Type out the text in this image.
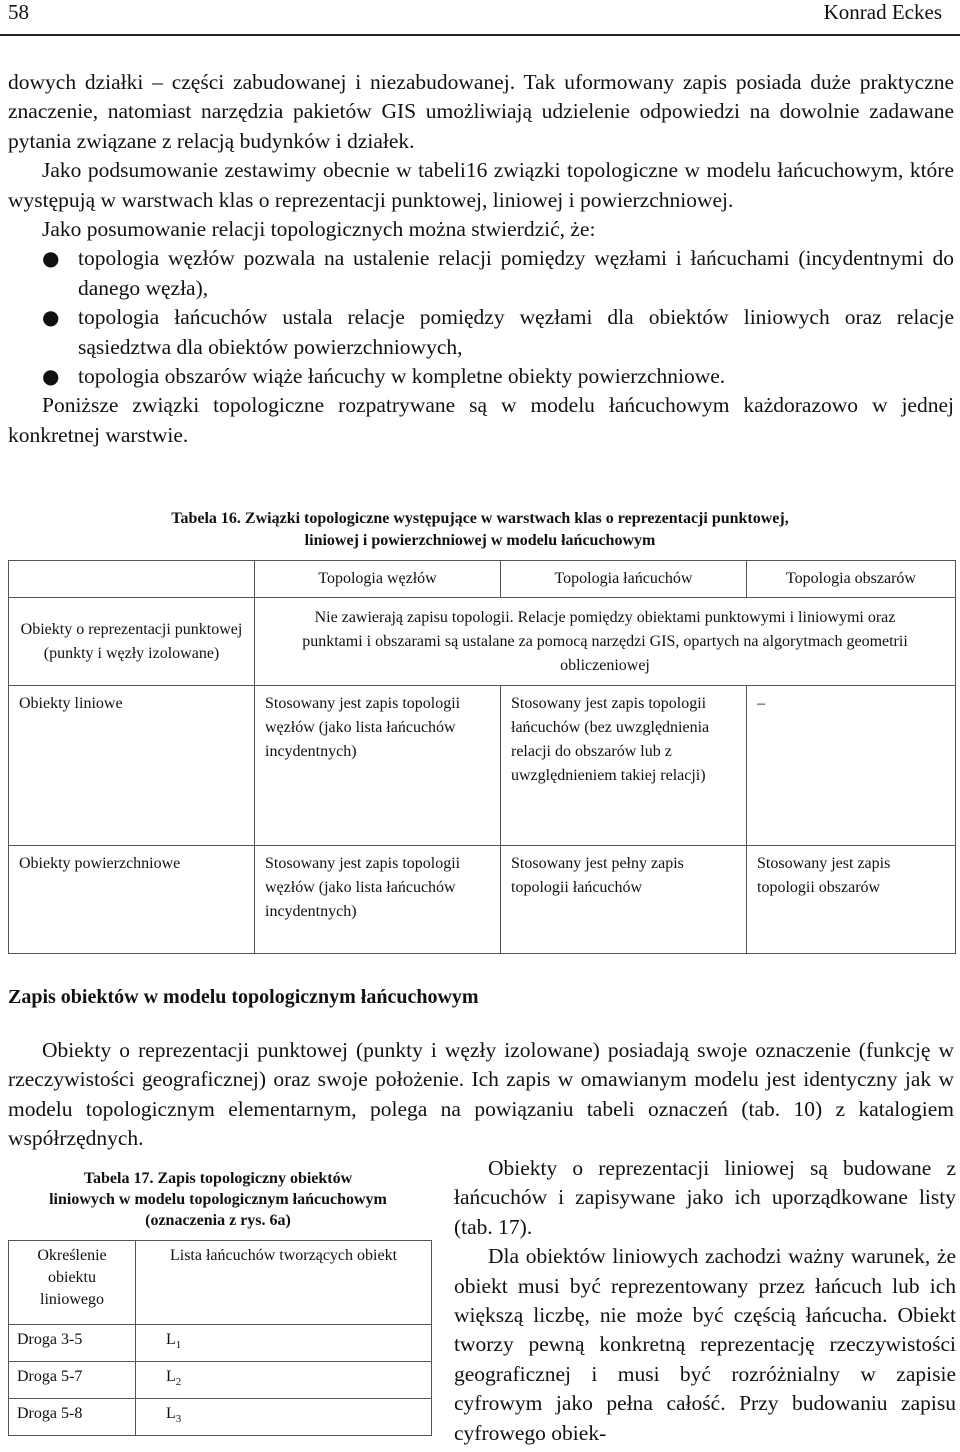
58	Konrad Eckes

dowych działki – części zabudowanej i niezabudowanej. Tak uformowany zapis posiada duże praktyczne znaczenie, natomiast narzędzia pakietów GIS umożliwiają udzielenie odpowiedzi na dowolnie zadawane pytania związane z relacją budynków i działek.

Jako podsumowanie zestawimy obecnie w tabeli16 związki topologiczne w modelu łańcuchowym, które występują w warstwach klas o reprezentacji punktowej, liniowej i powierzchniowej.

Jako posumowanie relacji topologicznych można stwierdzić, że:

● topologia węzłów pozwala na ustalenie relacji pomiędzy węzłami i łańcuchami (incydentnymi do danego węzła),
● topologia łańcuchów ustala relacje pomiędzy węzłami dla obiektów liniowych oraz relacje sąsiedztwa dla obiektów powierzchniowych,
● topologia obszarów wiąże łańcuchy w kompletne obiekty powierzchniowe.

Poniższe związki topologiczne rozpatrywane są w modelu łańcuchowym każdorazowo w jednej konkretnej warstwie.

Tabela 16. Związki topologiczne występujące w warstwach klas o reprezentacji punktowej,
liniowej i powierzchniowej w modelu łańcuchowym
	Topologia węzłów	Topologia łańcuchów	Topologia obszarów
Obiekty o reprezentacji punktowej (punkty i węzły izolowane)	Nie zawierają zapisu topologii. Relacje pomiędzy obiektami punktowymi i liniowymi oraz punktami i obszarami są ustalane za pomocą narzędzi GIS, opartych na algorytmach geometrii obliczeniowej		
Obiekty liniowe	Stosowany jest zapis topologii węzłów (jako lista łańcuchów incydentnych)	Stosowany jest zapis topologii łańcuchów (bez uwzględnienia relacji do obszarów lub z uwzględnieniem takiej relacji)	–
Obiekty powierzchniowe	Stosowany jest zapis topologii węzłów (jako lista łańcuchów incydentnych)	Stosowany jest pełny zapis topologii łańcuchów	Stosowany jest zapis topologii obszarów
Zapis obiektów w modelu topologicznym łańcuchowym

Obiekty o reprezentacji punktowej (punkty i węzły izolowane) posiadają swoje oznaczenie (funkcję w rzeczywistości geograficznej) oraz swoje położenie. Ich zapis w omawianym modelu jest identyczny jak w modelu topologicznym elementarnym, polega na powiązaniu tabeli oznaczeń (tab. 10) z katalogiem współrzędnych.

Tabela 17. Zapis topologiczny obiektów
liniowych w modelu topologicznym łańcuchowym
(oznaczenia z rys. 6a)
Określenie obiektu liniowego	Lista łańcuchów tworzących obiekt
Droga 3-5	$L_1$
Droga 5-7	$L_2$
Droga 5-8	$L_3$

Obiekty o reprezentacji liniowej są budowane z łańcuchów i zapisywane jako ich uporządkowane listy (tab. 17).

Dla obiektów liniowych zachodzi ważny warunek, że obiekt musi być reprezentowany przez łańcuch lub ich większą liczbę, nie może być częścią łańcucha. Obiekt tworzy pewną konkretną reprezentację rzeczywistości geograficznej i musi być rozróżnialny w zapisie cyfrowym jako pełna całość. Przy budowaniu zapisu cyfrowego obiek-
